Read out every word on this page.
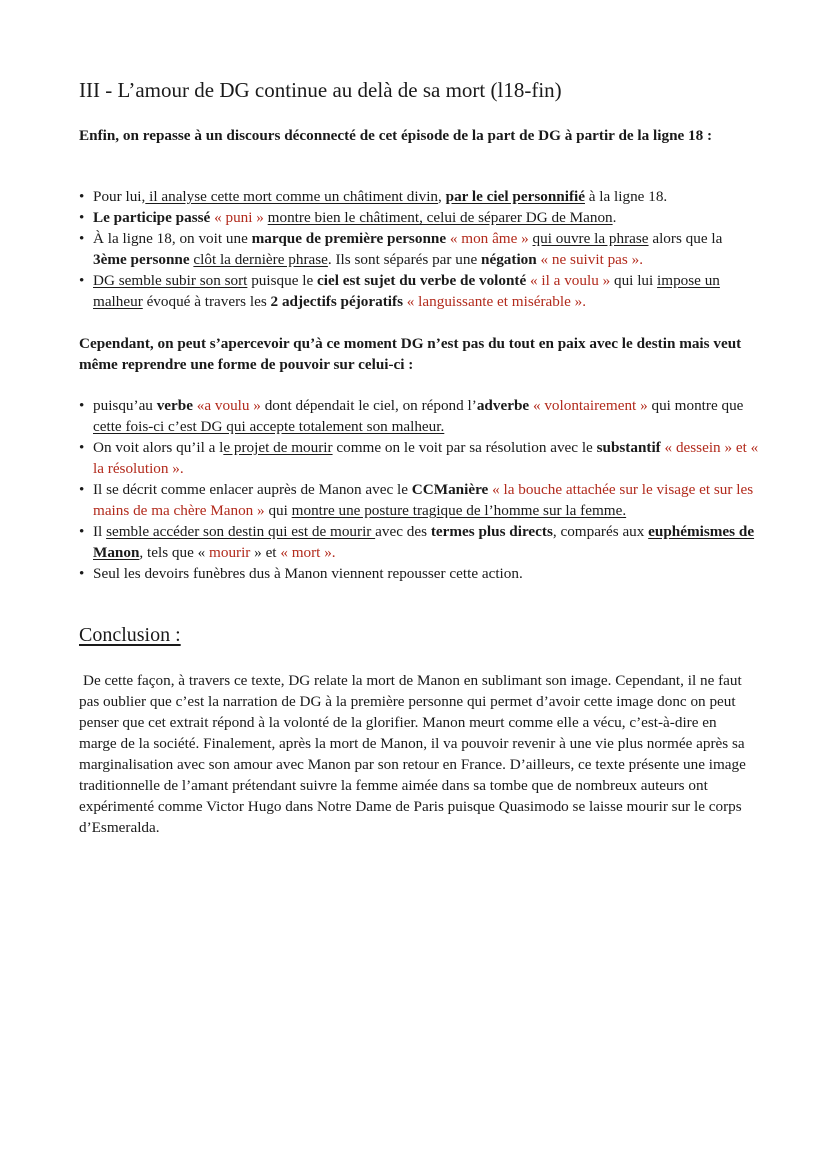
III - L’amour de DG continue au delà de sa mort (l18-fin)

Enfin, on repasse à un discours déconnecté de cet épisode de la part de DG à partir de la ligne 18 :

• Pour lui, il analyse cette mort comme un châtiment divin, par le ciel personnifié à la ligne 18.
• Le participe passé « puni » montre bien le châtiment, celui de séparer DG de Manon.
• À la ligne 18, on voit une marque de première personne « mon âme » qui ouvre la phrase alors que la 3ème personne clôt la dernière phrase. Ils sont séparés par une négation « ne suivit pas ».
• DG semble subir son sort puisque le ciel est sujet du verbe de volonté « il a voulu » qui lui impose un malheur évoqué à travers les 2 adjectifs péjoratifs « languissante et misérable ».

Cependant, on peut s’apercevoir qu’à ce moment DG n’est pas du tout en paix avec le destin mais veut même reprendre une forme de pouvoir sur celui-ci :

• puisqu’au verbe «a voulu » dont dépendait le ciel, on répond l’adverbe « volontairement » qui montre que cette fois-ci c’est DG qui accepte totalement son malheur.
• On voit alors qu’il a le projet de mourir comme on le voit par sa résolution avec le substantif « dessein » et « la résolution ».
• Il se décrit comme enlacer auprès de Manon avec le CCManière « la bouche attachée sur le visage et sur les mains de ma chère Manon » qui montre une posture tragique de l’homme sur la femme.
• Il semble accéder son destin qui est de mourir avec des termes plus directs, comparés aux euphémismes de Manon, tels que « mourir » et « mort ».
• Seul les devoirs funèbres dus à Manon viennent repousser cette action.
Conclusion :

De cette façon, à travers ce texte, DG relate la mort de Manon en sublimant son image. Cependant, il ne faut pas oublier que c’est la narration de DG à la première personne qui permet d’avoir cette image donc on peut penser que cet extrait répond à la volonté de la glorifier. Manon meurt comme elle a vécu, c’est-à-dire en marge de la société. Finalement, après la mort de Manon, il va pouvoir revenir à une vie plus normée après sa marginalisation avec son amour avec Manon par son retour en France. D’ailleurs, ce texte présente une image traditionnelle de l’amant prétendant suivre la femme aimée dans sa tombe que de nombreux auteurs ont expérimenté comme Victor Hugo dans Notre Dame de Paris puisque Quasimodo se laisse mourir sur le corps d’Esmeralda.
